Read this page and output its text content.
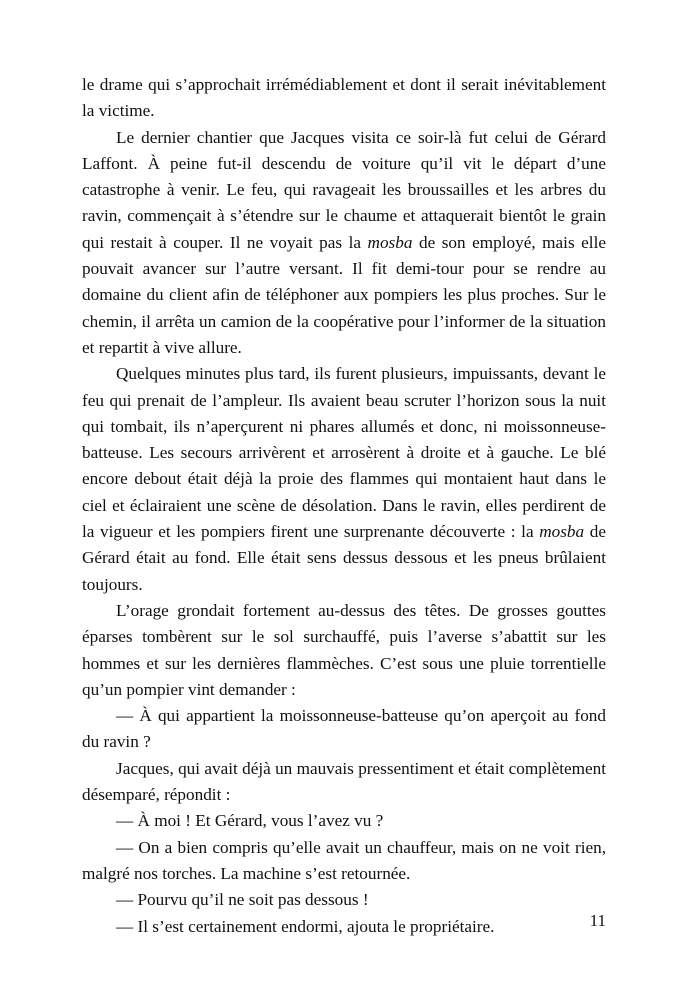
le drame qui s’approchait irrémédiablement et dont il serait inévitablement la victime.

Le dernier chantier que Jacques visita ce soir-là fut celui de Gérard Laffont. À peine fut-il descendu de voiture qu’il vit le départ d’une catastrophe à venir. Le feu, qui ravageait les broussailles et les arbres du ravin, commençait à s’étendre sur le chaume et attaquerait bientôt le grain qui restait à couper. Il ne voyait pas la mosba de son employé, mais elle pouvait avancer sur l’autre versant. Il fit demi-tour pour se rendre au domaine du client afin de téléphoner aux pompiers les plus proches. Sur le chemin, il arrêta un camion de la coopérative pour l’informer de la situation et repartit à vive allure.

Quelques minutes plus tard, ils furent plusieurs, impuissants, devant le feu qui prenait de l’ampleur. Ils avaient beau scruter l’horizon sous la nuit qui tombait, ils n’aperçurent ni phares allumés et donc, ni moissonneuse-batteuse. Les secours arrivèrent et arrosèrent à droite et à gauche. Le blé encore debout était déjà la proie des flammes qui montaient haut dans le ciel et éclairaient une scène de désolation. Dans le ravin, elles perdirent de la vigueur et les pompiers firent une surprenante découverte : la mosba de Gérard était au fond. Elle était sens dessus dessous et les pneus brûlaient toujours.

L’orage grondait fortement au-dessus des têtes. De grosses gouttes éparses tombèrent sur le sol surchauffé, puis l’averse s’abattit sur les hommes et sur les dernières flammèches. C’est sous une pluie torrentielle qu’un pompier vint demander :

— À qui appartient la moissonneuse-batteuse qu’on aperçoit au fond du ravin ?

Jacques, qui avait déjà un mauvais pressentiment et était complètement désemparé, répondit :

— À moi ! Et Gérard, vous l’avez vu ?

— On a bien compris qu’elle avait un chauffeur, mais on ne voit rien, malgré nos torches. La machine s’est retournée.

— Pourvu qu’il ne soit pas dessous !

— Il s’est certainement endormi, ajouta le propriétaire.	11
